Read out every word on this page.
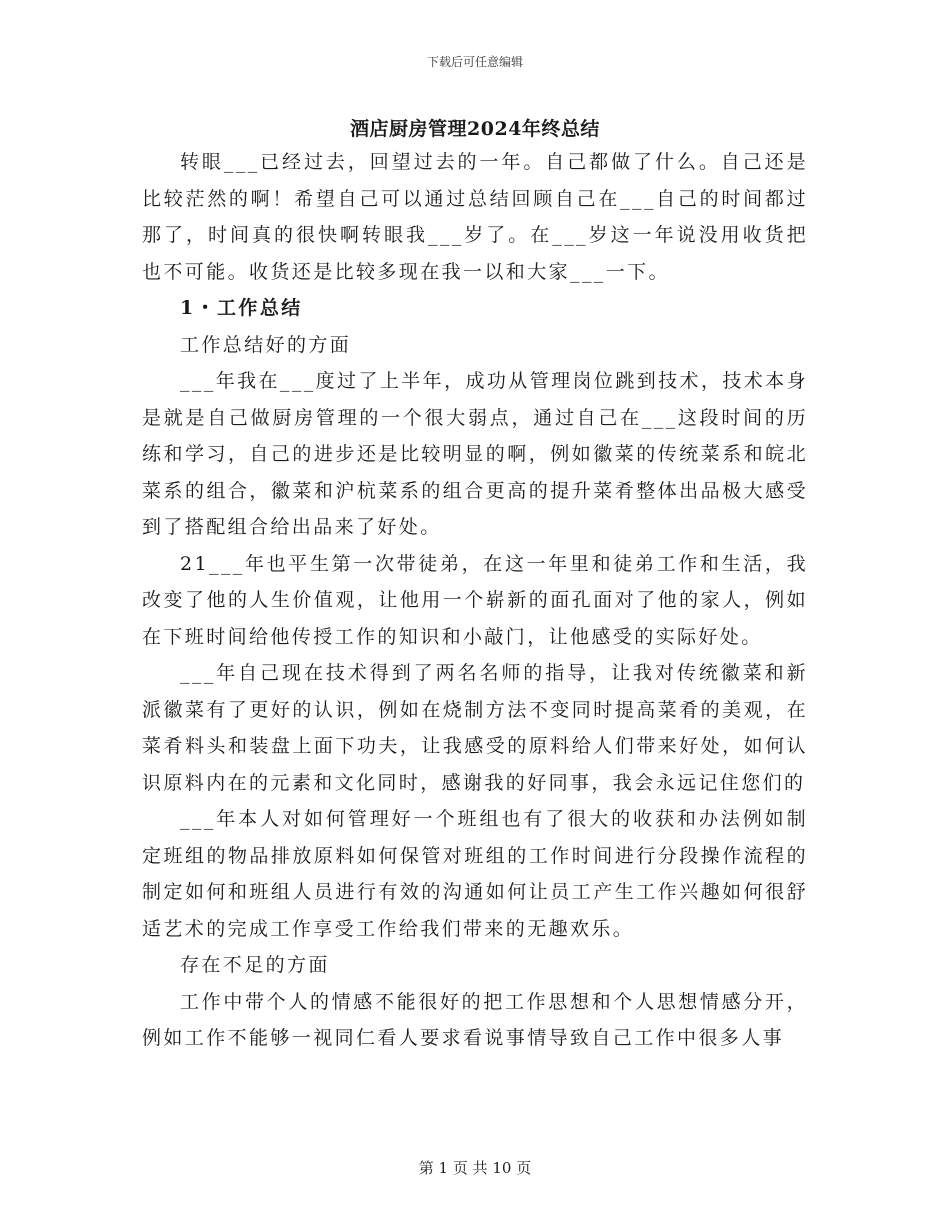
下载后可任意编辑
酒店厨房管理2024年终总结

转眼___已经过去，回望过去的一年。自己都做了什么。自己还是比较茫然的啊！希望自己可以通过总结回顾自己在___自己的时间都过那了，时间真的很快啊转眼我___岁了。在___岁这一年说没用收货把也不可能。收货还是比较多现在我一以和大家___一下。

1・工作总结

工作总结好的方面

___年我在___度过了上半年，成功从管理岗位跳到技术，技术本身是就是自己做厨房管理的一个很大弱点，通过自己在___这段时间的历练和学习，自己的进步还是比较明显的啊，例如徽菜的传统菜系和皖北菜系的组合，徽菜和沪杭菜系的组合更高的提升菜肴整体出品极大感受到了搭配组合给出品来了好处。

21___年也平生第一次带徒弟，在这一年里和徒弟工作和生活，我改变了他的人生价值观，让他用一个崭新的面孔面对了他的家人，例如在下班时间给他传授工作的知识和小敲门，让他感受的实际好处。

___年自己现在技术得到了两名名师的指导，让我对传统徽菜和新派徽菜有了更好的认识，例如在烧制方法不变同时提高菜肴的美观，在菜肴料头和装盘上面下功夫，让我感受的原料给人们带来好处，如何认识原料内在的元素和文化同时，感谢我的好同事，我会永远记住您们的

___年本人对如何管理好一个班组也有了很大的收获和办法例如制定班组的物品排放原料如何保管对班组的工作时间进行分段操作流程的制定如何和班组人员进行有效的沟通如何让员工产生工作兴趣如何很舒适艺术的完成工作享受工作给我们带来的无趣欢乐。

存在不足的方面

工作中带个人的情感不能很好的把工作思想和个人思想情感分开，例如工作不能够一视同仁看人要求看说事情导致自己工作中很多人事

第 1 页 共 10 页
